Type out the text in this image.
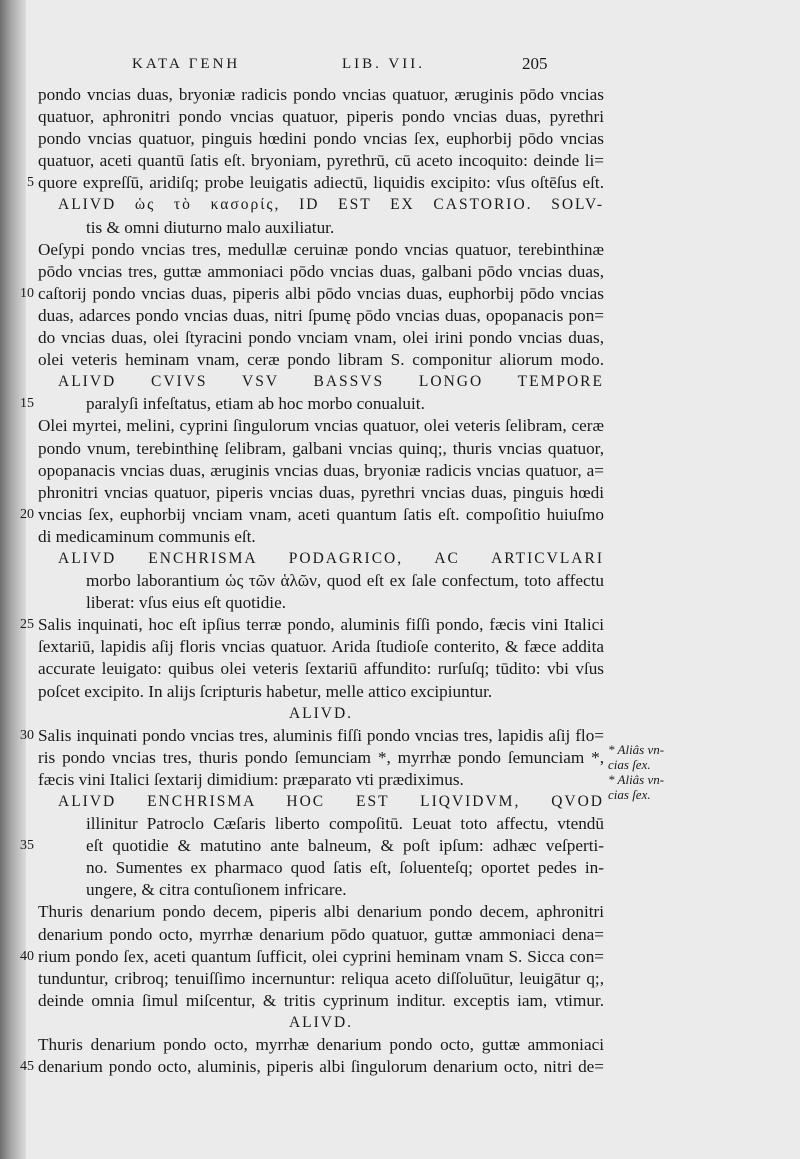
ΚΑΤΑ ΓΕΝΗ	LIB. VII.	205
pondo vncias duas, bryoniæ radicis pondo vncias quatuor, æruginis pōdo vncias
quatuor, aphronitri pondo vncias quatuor, piperis pondo vncias duas, pyrethri
pondo vncias quatuor, pinguis hœdini pondo vncias ſex, euphorbij pōdo vncias
quatuor, aceti quantū ſatis eſt. bryoniam, pyrethrū, cū aceto incoquito: deinde li=
5 quore expreſſū, aridiſq; probe leuigatis adiectū, liquidis excipito: vſus oſtēſus eſt.
ALIVD ὡς τὸ κασορίς, ID EST EX CASTORIO. SOLV-
tis & omni diuturno malo auxiliatur.
Oeſypi pondo vncias tres, medullæ ceruinæ pondo vncias quatuor, terebinthinæ
pōdo vncias tres, guttæ ammoniaci pōdo vncias duas, galbani pōdo vncias duas,
10 caſtorij pondo vncias duas, piperis albi pōdo vncias duas, euphorbij pōdo vncias
duas, adarces pondo vncias duas, nitri ſpumę pōdo vncias duas, opopanacis pon=
do vncias duas, olei ſtyracini pondo vnciam vnam, olei irini pondo vncias duas,
olei veteris heminam vnam, ceræ pondo libram S. componitur aliorum modo.
ALIVD CVIVS VSV BASSVS LONGO TEMPORE
15	paralyſi infeſtatus, etiam ab hoc morbo conualuit.
Olei myrtei, melini, cyprini ſingulorum vncias quatuor, olei veteris ſelibram, ceræ
pondo vnum, terebinthinę ſelibram, galbani vncias quinq;, thuris vncias quatuor,
opopanacis vncias duas, æruginis vncias duas, bryoniæ radicis vncias quatuor, a=
phronitri vncias quatuor, piperis vncias duas, pyrethri vncias duas, pinguis hœdi
20 vncias ſex, euphorbij vnciam vnam, aceti quantum ſatis eſt. compoſitio huiuſmo
di medicaminum communis eſt.
ALIVD ENCHRISMA PODAGRICO, AC ARTICVLARI
morbo laborantium ὡς τῶν ἁλῶν, quod eſt ex ſale confectum, toto affectu
liberat: vſus eius eſt quotidie.
25 Salis inquinati, hoc eſt ipſius terræ pondo, aluminis fiſſi pondo, fæcis vini Italici
ſextariū, lapidis aſij floris vncias quatuor. Arida ſtudioſe conterito, & fæce addita
accurate leuigato: quibus olei veteris ſextariū affundito: rurſuſq; tūdito: vbi vſus
poſcet excipito. In alijs ſcripturis habetur, melle attico excipiuntur.
ALIVD.
30 Salis inquinati pondo vncias tres, aluminis fiſſi pondo vncias tres, lapidis aſij flo=
ris pondo vncias tres, thuris pondo ſemunciam *, myrrhæ pondo ſemunciam *,
fæcis vini Italici ſextarij dimidium: præparato vti prædiximus.
ALIVD ENCHRISMA HOC EST LIQVIDVM, QVOD
illinitur Patroclo Cæſaris liberto compoſitū. Leuat toto affectu, vtendū
35	eſt quotidie & matutino ante balneum, & poſt ipſum: adhæc veſperti-
no. Sumentes ex pharmaco quod ſatis eſt, ſoluenteſq; oportet pedes in-
ungere, & citra contuſionem infricare.
Thuris denarium pondo decem, piperis albi denarium pondo decem, aphronitri
denarium pondo octo, myrrhæ denarium pōdo quatuor, guttæ ammoniaci dena=
40 rium pondo ſex, aceti quantum ſufficit, olei cyprini heminam vnam S. Sicca con=
tunduntur, cribroq; tenuiſſimo incernuntur: reliqua aceto diſſoluūtur, leuigātur q;,
deinde omnia ſimul miſcentur, & tritis cyprinum inditur. exceptis iam, vtimur.
ALIVD.
Thuris denarium pondo octo, myrrhæ denarium pondo octo, guttæ ammoniaci
45 denarium pondo octo, aluminis, piperis albi ſingulorum denarium octo, nitri de=
* Aliâs vn-
cias ſex.
* Aliâs vn-
cias ſex.
